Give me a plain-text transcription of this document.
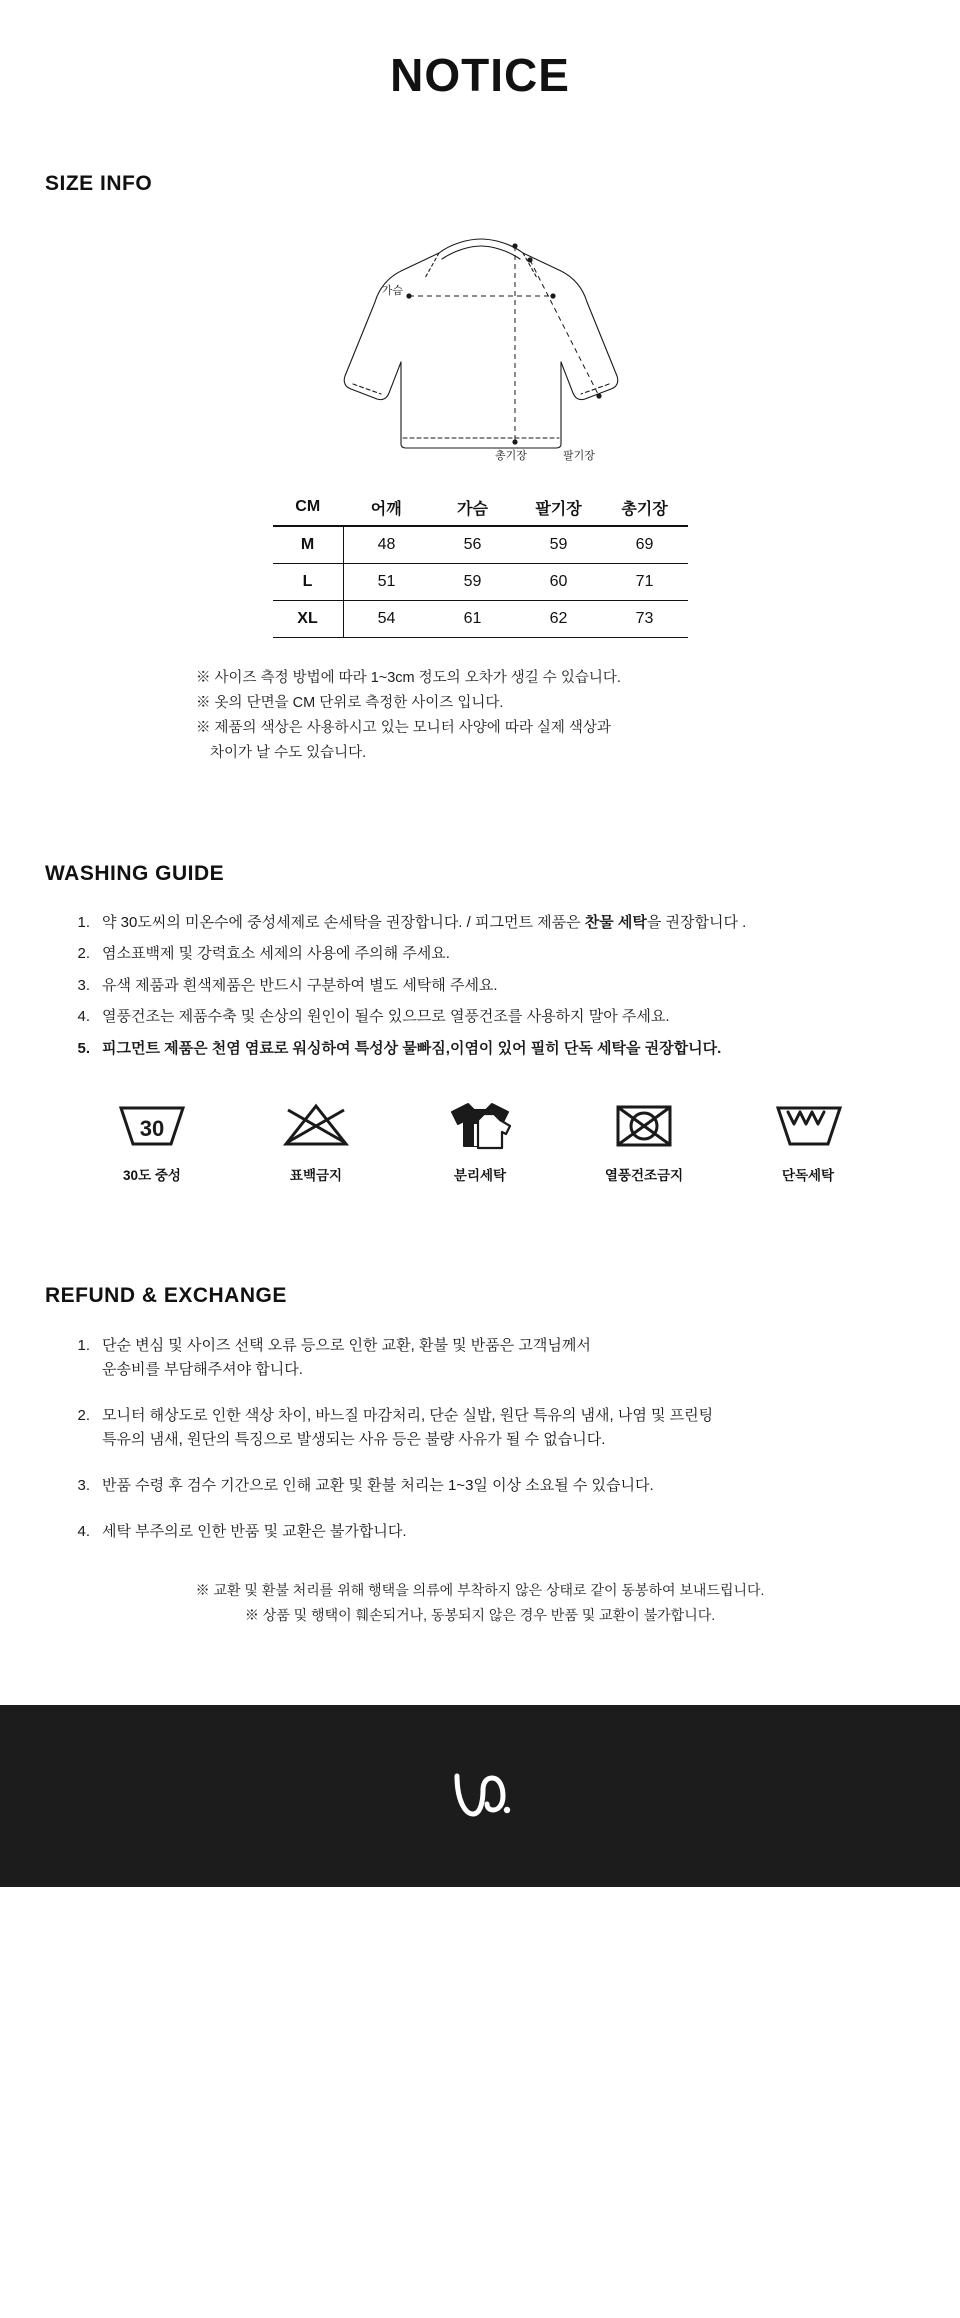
NOTICE
SIZE INFO
가슴
총기장	팔기장
CM	어깨	가슴	팔기장	총기장
M	48	56	59	69
L	51	59	60	71
XL	54	61	62	73
※ 사이즈 측정 방법에 따라 1~3cm 정도의 오차가 생길 수 있습니다.
※ 옷의 단면을 CM 단위로 측정한 사이즈 입니다.
※ 제품의 색상은 사용하시고 있는 모니터 사양에 따라 실제 색상과
차이가 날 수도 있습니다.
WASHING GUIDE
약 30도씨의 미온수에 중성세제로 손세탁을 권장합니다. / 피그먼트 제품은 찬물 세탁을 권장합니다 .
염소표백제 및 강력효소 세제의 사용에 주의해 주세요.
유색 제품과 흰색제품은 반드시 구분하여 별도 세탁해 주세요.
열풍건조는 제품수축 및 손상의 원인이 될수 있으므로 열풍건조를 사용하지 말아 주세요.
피그먼트 제품은 천염 염료로 워싱하여 특성상 물빠짐,이염이 있어 필히 단독 세탁을 권장합니다.
30
30도 중성	표백금지	분리세탁	열풍건조금지	단독세탁
REFUND & EXCHANGE
단순 변심 및 사이즈 선택 오류 등으로 인한 교환, 환불 및 반품은 고객님께서
운송비를 부담해주셔야 합니다.
모니터 해상도로 인한 색상 차이, 바느질 마감처리, 단순 실밥, 원단 특유의 냄새, 나염 및 프린팅
특유의 냄새, 원단의 특징으로 발생되는 사유 등은 불량 사유가 될 수 없습니다.
반품 수령 후 검수 기간으로 인해 교환 및 환불 처리는 1~3일 이상 소요될 수 있습니다.
세탁 부주의로 인한 반품 및 교환은 불가합니다.
※ 교환 및 환불 처리를 위해 행택을 의류에 부착하지 않은 상태로 같이 동봉하여 보내드립니다.
※ 상품 및 행택이 훼손되거나, 동봉되지 않은 경우 반품 및 교환이 불가합니다.
